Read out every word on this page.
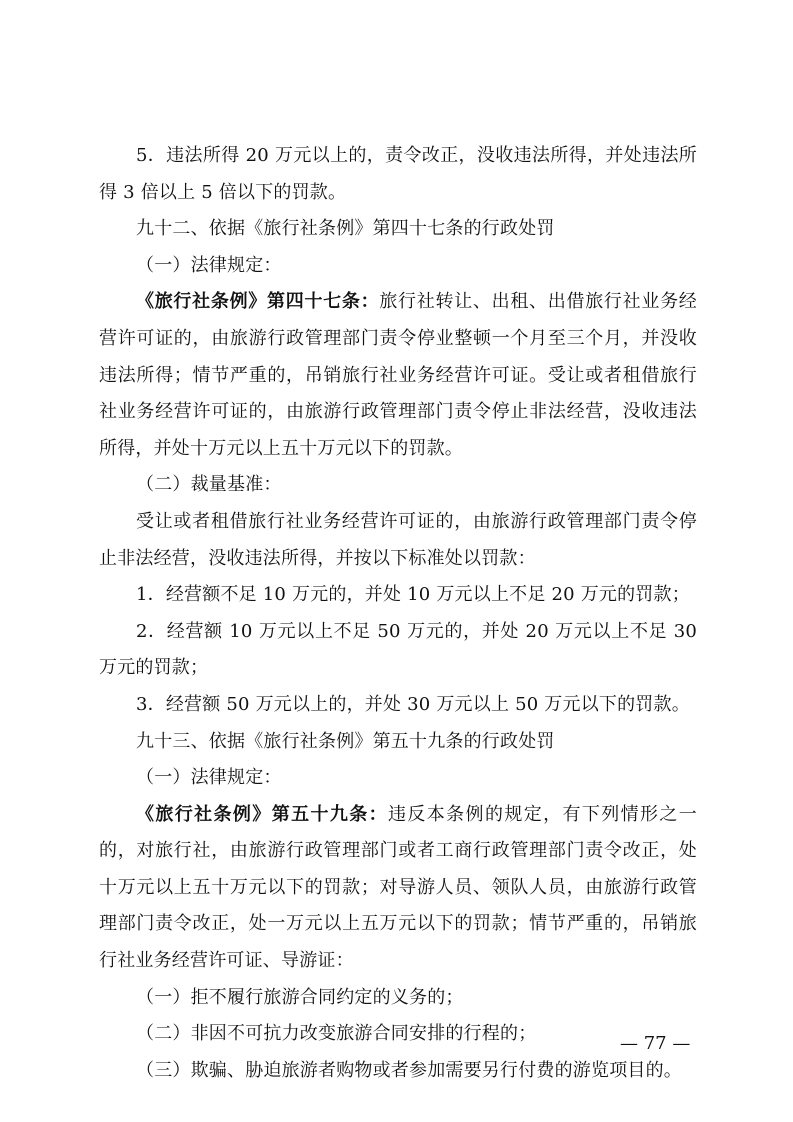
5．违法所得 20 万元以上的，责令改正，没收违法所得，并处违法所得 3 倍以上 5 倍以下的罚款。

九十二、依据《旅行社条例》第四十七条的行政处罚

（一）法律规定：

《旅行社条例》第四十七条：旅行社转让、出租、出借旅行社业务经营许可证的，由旅游行政管理部门责令停业整顿一个月至三个月，并没收违法所得；情节严重的，吊销旅行社业务经营许可证。受让或者租借旅行社业务经营许可证的，由旅游行政管理部门责令停止非法经营，没收违法所得，并处十万元以上五十万元以下的罚款。

（二）裁量基准：

受让或者租借旅行社业务经营许可证的，由旅游行政管理部门责令停止非法经营，没收违法所得，并按以下标准处以罚款：

1．经营额不足 10 万元的，并处 10 万元以上不足 20 万元的罚款；

2．经营额 10 万元以上不足 50 万元的，并处 20 万元以上不足 30 万元的罚款；

3．经营额 50 万元以上的，并处 30 万元以上 50 万元以下的罚款。

九十三、依据《旅行社条例》第五十九条的行政处罚

（一）法律规定：

《旅行社条例》第五十九条：违反本条例的规定，有下列情形之一的，对旅行社，由旅游行政管理部门或者工商行政管理部门责令改正，处十万元以上五十万元以下的罚款；对导游人员、领队人员，由旅游行政管理部门责令改正，处一万元以上五万元以下的罚款；情节严重的，吊销旅行社业务经营许可证、导游证：

（一）拒不履行旅游合同约定的义务的；

（二）非因不可抗力改变旅游合同安排的行程的；

（三）欺骗、胁迫旅游者购物或者参加需要另行付费的游览项目的。

— 77 —
